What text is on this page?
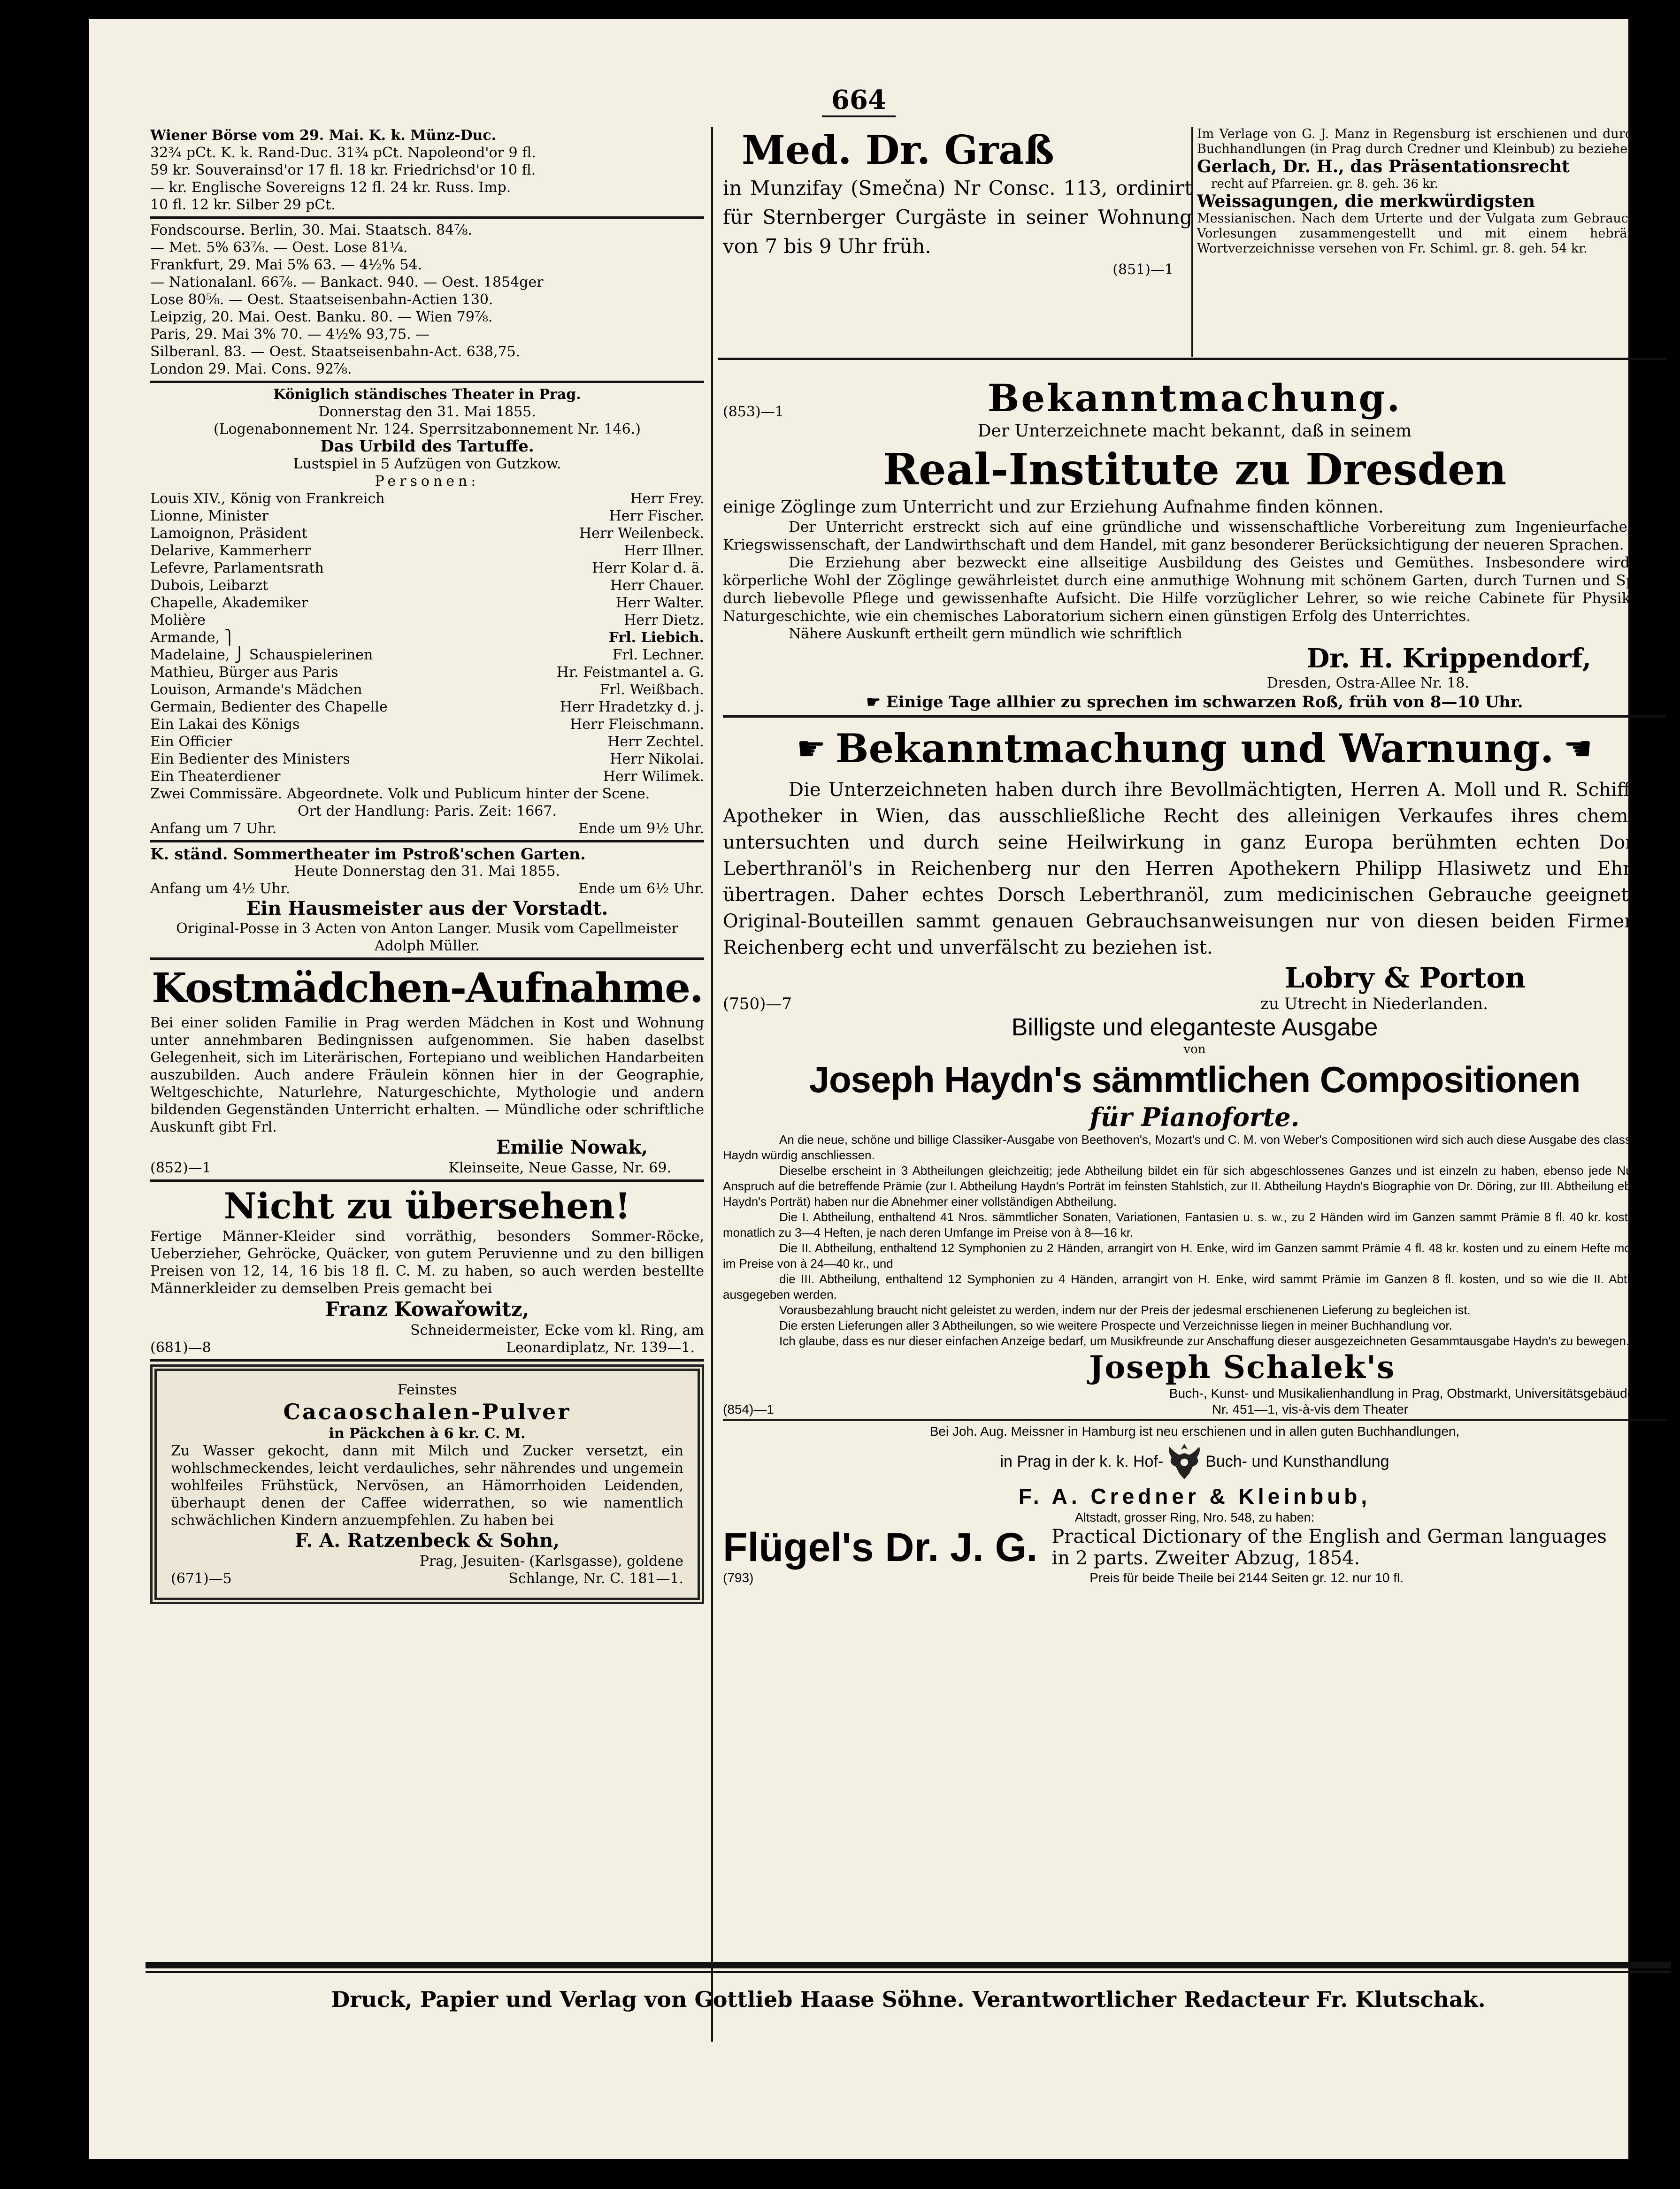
664

Wiener Börse vom 29. Mai. K. k. Münz-Duc.

32¾ pCt. K. k. Rand-Duc. 31¾ pCt. Napoleond'or 9 fl.

59 kr. Souverainsd'or 17 fl. 18 kr. Friedrichsd'or 10 fl.

— kr. Englische Sovereigns 12 fl. 24 kr. Russ. Imp.

10 fl. 12 kr. Silber 29 pCt.

Fondscourse. Berlin, 30. Mai. Staatsch. 84⅞.

— Met. 5% 63⅞. — Oest. Lose 81¼.

Frankfurt, 29. Mai 5% 63. — 4½% 54.

— Nationalanl. 66⅞. — Bankact. 940. — Oest. 1854ger

Lose 80⅝. — Oest. Staatseisenbahn-Actien 130.

Leipzig, 20. Mai. Oest. Banku. 80. — Wien 79⅞.

Paris, 29. Mai 3% 70. — 4½% 93,75. —

Silberanl. 83. — Oest. Staatseisenbahn-Act. 638,75.

London 29. Mai. Cons. 92⅞.

Königlich ständisches Theater in Prag.

Donnerstag den 31. Mai 1855.

(Logenabonnement Nr. 124. Sperrsitzabonnement Nr. 146.)

Das Urbild des Tartuffe.

Lustspiel in 5 Aufzügen von Gutzkow.

Personen:

Louis XIV., König von Frankreich	Herr Frey.
Lionne, Minister	Herr Fischer.
Lamoignon, Präsident	Herr Weilenbeck.
Delarive, Kammerherr	Herr Illner.
Lefevre, Parlamentsrath	Herr Kolar d. ä.
Dubois, Leibarzt	Herr Chauer.
Chapelle, Akademiker	Herr Walter.
Molière	Herr Dietz.
Armande, ⎫	Frl. Liebich.
Madelaine, ⎭ Schauspielerinen	Frl. Lechner.
Mathieu, Bürger aus Paris	Hr. Feistmantel a. G.
Louison, Armande's Mädchen	Frl. Weißbach.
Germain, Bedienter des Chapelle	Herr Hradetzky d. j.
Ein Lakai des Königs	Herr Fleischmann.
Ein Officier	Herr Zechtel.
Ein Bedienter des Ministers	Herr Nikolai.
Ein Theaterdiener	Herr Wilimek.

Zwei Commissäre. Abgeordnete. Volk und Publicum hinter der Scene.

Ort der Handlung: Paris. Zeit: 1667.

Anfang um 7 Uhr.	Ende um 9½ Uhr.

K. ständ. Sommertheater im Pstroß'schen Garten.

Heute Donnerstag den 31. Mai 1855.

Anfang um 4½ Uhr.	Ende um 6½ Uhr.

Ein Hausmeister aus der Vorstadt.

Original-Posse in 3 Acten von Anton Langer. Musik vom Capellmeister Adolph Müller.

Kostmädchen-Aufnahme.

Bei einer soliden Familie in Prag werden Mädchen in Kost und Wohnung unter annehmbaren Bedingnissen aufgenommen. Sie haben daselbst Gelegenheit, sich im Literärischen, Fortepiano und weiblichen Handarbeiten auszubilden. Auch andere Fräulein können hier in der Geographie, Weltgeschichte, Naturlehre, Naturgeschichte, Mythologie und andern bildenden Gegenständen Unterricht erhalten. — Mündliche oder schriftliche Auskunft gibt Frl.

Emilie Nowak,

(852)—1	Kleinseite, Neue Gasse, Nr. 69.

Nicht zu übersehen!

Fertige Männer-Kleider sind vorräthig, besonders Sommer-Röcke, Ueberzieher, Gehröcke, Quäcker, von gutem Peruvienne und zu den billigen Preisen von 12, 14, 16 bis 18 fl. C. M. zu haben, so auch werden bestellte Männerkleider zu demselben Preis gemacht bei

Franz Kowařowitz,

Schneidermeister, Ecke vom kl. Ring, am

(681)—8	Leonardiplatz, Nr. 139—1.

Feinstes

Cacaoschalen-Pulver

in Päckchen à 6 kr. C. M.

Zu Wasser gekocht, dann mit Milch und Zucker versetzt, ein wohlschmeckendes, leicht verdauliches, sehr nährendes und ungemein wohlfeiles Frühstück, Nervösen, an Hämorrhoiden Leidenden, überhaupt denen der Caffee widerrathen, so wie namentlich schwächlichen Kindern anzuempfehlen. Zu haben bei

F. A. Ratzenbeck & Sohn,

Prag, Jesuiten- (Karlsgasse), goldene

(671)—5	Schlange, Nr. C. 181—1.

Med. Dr. Graß

in Munzifay (Smečna) Nr Consc. 113, ordinirt für Sternberger Curgäste in seiner Wohnung von 7 bis 9 Uhr früh.

(851)—1

Im Verlage von G. J. Manz in Regensburg ist erschienen und durch alle Buchhandlungen (in Prag durch Credner und Kleinbub) zu beziehen:

Gerlach, Dr. H., das Präsentationsrecht

recht auf Pfarreien. gr. 8. geh. 36 kr.

Weissagungen, die merkwürdigsten

Messianischen. Nach dem Urterte und der Vulgata zum Gebrauche für Vorlesungen zusammengestellt und mit einem hebräischen Wortverzeichnisse versehen von Fr. Schiml. gr. 8. geh. 54 kr.

(794)

(853)—1	Bekanntmachung.

Der Unterzeichnete macht bekannt, daß in seinem

Real-Institute zu Dresden

einige Zöglinge zum Unterricht und zur Erziehung Aufnahme finden können.

Der Unterricht erstreckt sich auf eine gründliche und wissenschaftliche Vorbereitung zum Ingenieurfache, der Kriegswissenschaft, der Landwirthschaft und dem Handel, mit ganz besonderer Berücksichtigung der neueren Sprachen.

Die Erziehung aber bezweckt eine allseitige Ausbildung des Geistes und Gemüthes. Insbesondere wird das körperliche Wohl der Zöglinge gewährleistet durch eine anmuthige Wohnung mit schönem Garten, durch Turnen und Spiele, durch liebevolle Pflege und gewissenhafte Aufsicht. Die Hilfe vorzüglicher Lehrer, so wie reiche Cabinete für Physik und Naturgeschichte, wie ein chemisches Laboratorium sichern einen günstigen Erfolg des Unterrichtes.

Nähere Auskunft ertheilt gern mündlich wie schriftlich

Dr. H. Krippendorf,

Dresden, Ostra-Allee Nr. 18.

☛ Einige Tage allhier zu sprechen im schwarzen Roß, früh von 8—10 Uhr.

☛ Bekanntmachung und Warnung. ☛

Die Unterzeichneten haben durch ihre Bevollmächtigten, Herren A. Moll und R. Schiffner, Apotheker in Wien, das ausschließliche Recht des alleinigen Verkaufes ihres chemisch untersuchten und durch seine Heilwirkung in ganz Europa berühmten echten Dorsch Leberthranöl's in Reichenberg nur den Herren Apothekern Philipp Hlasiwetz und Ehrlich übertragen. Daher echtes Dorsch Leberthranöl, zum medicinischen Gebrauche geeignet, in Original-Bouteillen sammt genauen Gebrauchsanweisungen nur von diesen beiden Firmen in Reichenberg echt und unverfälscht zu beziehen ist.

Lobry & Porton

(750)—7	zu Utrecht in Niederlanden.

Billigste und eleganteste Ausgabe

von

Joseph Haydn's sämmtlichen Compositionen

für Pianoforte.

An die neue, schöne und billige Classiker-Ausgabe von Beethoven's, Mozart's und C. M. von Weber's Compositionen wird sich auch diese Ausgabe des classischen Haydn würdig anschliessen.

Dieselbe erscheint in 3 Abtheilungen gleichzeitig; jede Abtheilung bildet ein für sich abgeschlossenes Ganzes und ist einzeln zu haben, ebenso jede Nummer. Anspruch auf die betreffende Prämie (zur I. Abtheilung Haydn's Porträt im feinsten Stahlstich, zur II. Abtheilung Haydn's Biographie von Dr. Döring, zur III. Abtheilung ebenfalls Haydn's Porträt) haben nur die Abnehmer einer vollständigen Abtheilung.

Die I. Abtheilung, enthaltend 41 Nros. sämmtlicher Sonaten, Variationen, Fantasien u. s. w., zu 2 Händen wird im Ganzen sammt Prämie 8 fl. 40 kr. kosten und monatlich zu 3—4 Heften, je nach deren Umfange im Preise von à 8—16 kr.

Die II. Abtheilung, enthaltend 12 Symphonien zu 2 Händen, arrangirt von H. Enke, wird im Ganzen sammt Prämie 4 fl. 48 kr. kosten und zu einem Hefte monatlich im Preise von à 24—40 kr., und

die III. Abtheilung, enthaltend 12 Symphonien zu 4 Händen, arrangirt von H. Enke, wird sammt Prämie im Ganzen 8 fl. kosten, und so wie die II. Abtheilung ausgegeben werden.

Vorausbezahlung braucht nicht geleistet zu werden, indem nur der Preis der jedesmal erschienenen Lieferung zu begleichen ist.

Die ersten Lieferungen aller 3 Abtheilungen, so wie weitere Prospecte und Verzeichnisse liegen in meiner Buchhandlung vor.

Ich glaube, dass es nur dieser einfachen Anzeige bedarf, um Musikfreunde zur Anschaffung dieser ausgezeichneten Gesammtausgabe Haydn's zu bewegen.

Joseph Schalek's

Buch-, Kunst- und Musikalienhandlung in Prag, Obstmarkt, Universitätsgebäude,

(854)—1	Nr. 451—1, vis-à-vis dem Theater

Bei Joh. Aug. Meissner in Hamburg ist neu erschienen und in allen guten Buchhandlungen,

in Prag in der k. k. Hof-	Buch- und Kunsthandlung

F. A. Credner & Kleinbub,

Altstadt, grosser Ring, Nro. 548, zu haben:

Flügel's Dr. J. G. Practical Dictionary of the English and German languages

in 2 parts. Zweiter Abzug, 1854.

(793)	Preis für beide Theile bei 2144 Seiten gr. 12. nur 10 fl.

Druck, Papier und Verlag von Gottlieb Haase Söhne. Verantwortlicher Redacteur Fr. Klutschak.
